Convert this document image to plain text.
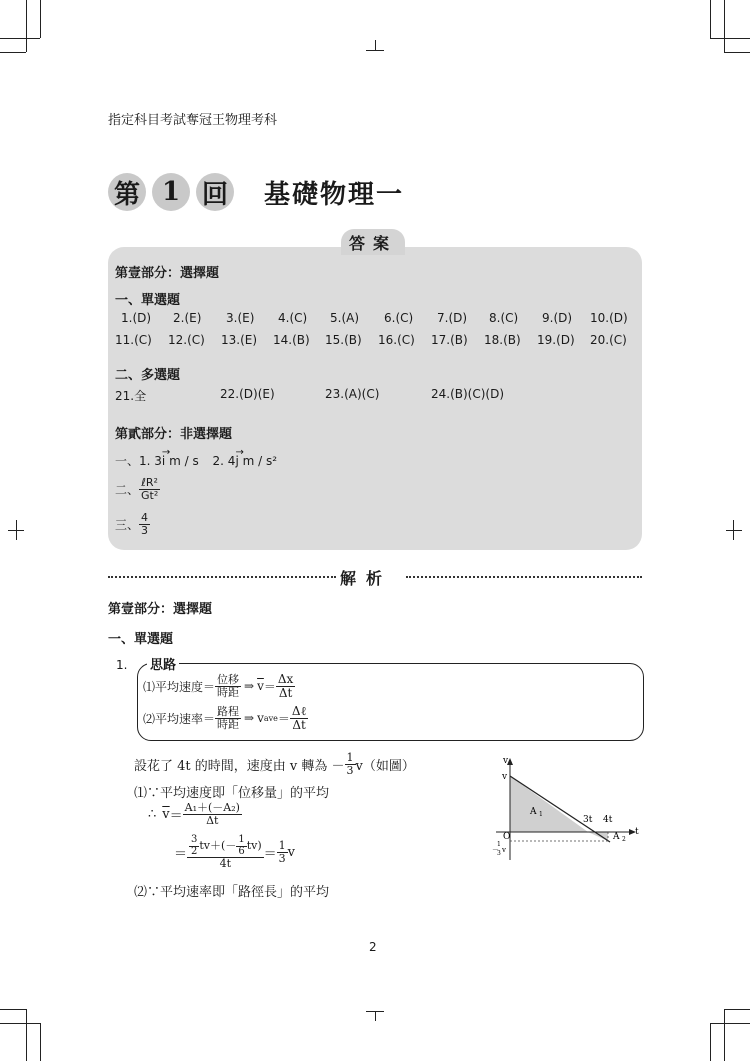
指定科目考試奪冠王物理考科
第 1 回 基礎物理一
答案
第壹部分：選擇題
一、單選題
1.(D) 2.(E) 3.(E) 4.(C) 5.(A) 6.(C) 7.(D) 8.(C) 9.(D) 10.(D)
11.(C) 12.(C) 13.(E) 14.(B) 15.(B) 16.(C) 17.(B) 18.(B) 19.(D) 20.(C)
二、多選題
21.全	22.(D)(E)	23.(A)(C)	24.(B)(C)(D)
第貳部分：非選擇題
一、1. 3
→
i m / s 2. 4
→
j m / s²
二、 $\frac{\text{ℓR²}}{\text{Gt²}}$
三、 $\frac{4}{3}$
解析
第壹部分：選擇題
一、單選題
1. 思路
⑴平均速度＝ $\frac{\text{位移}}{\text{時距}}$ ⇒ $\overline{v} = \frac{\Delta x}{\Delta t}$
⑵平均速率＝ $\frac{\text{路程}}{\text{時距}}$ ⇒ v ave ＝ $\frac{\text{Δℓ}}{\Delta t}$
設花了 4t 的時間，速度由 v 轉為 － $\frac{1}{3} v$（如圖）
⑴∵平均速度即「位移量」的平均
∴ $\overline{v} = \frac{\text{A₁＋(－A₂)}}{\Delta t}$
＝ $\frac{\frac{3}{2} tv+(- \frac{1}{6} tv)}{4t} = \frac{1}{3}$ v
⑵∵平均速率即「路徑長」的平均
v
t
v
O
－
1
3 v
3t 4t
A 1
A 2
2
